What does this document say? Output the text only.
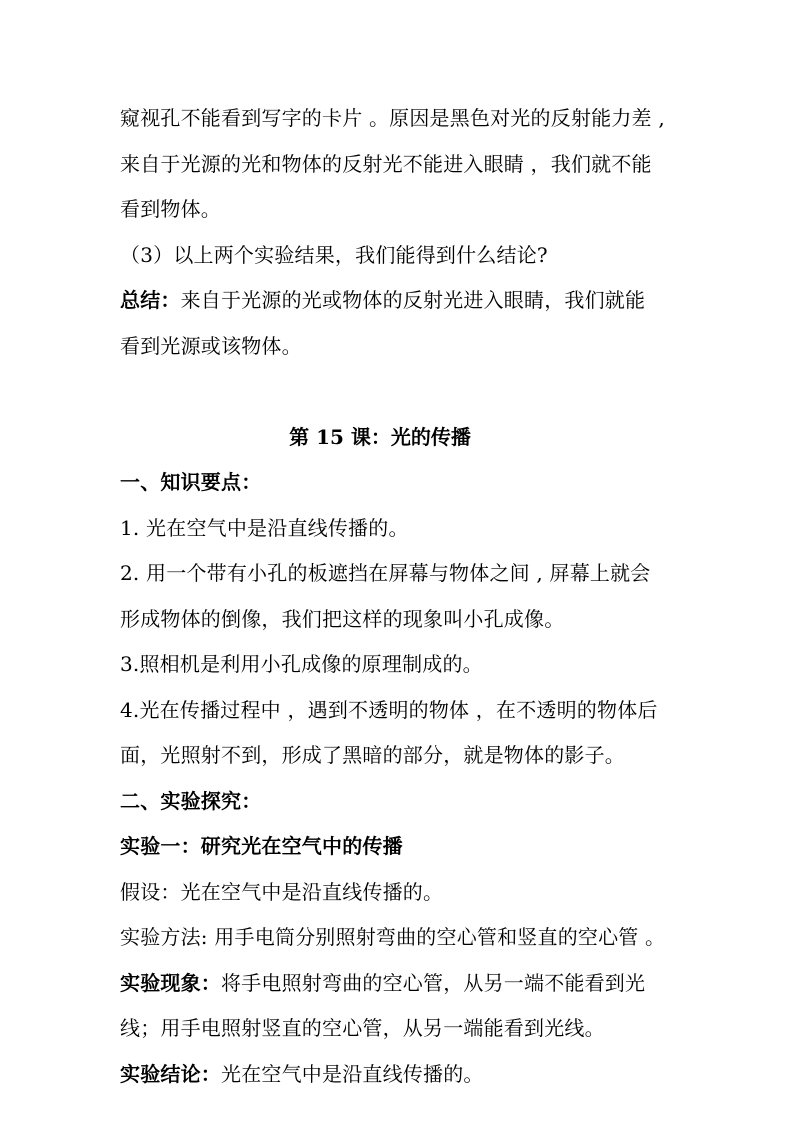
窥视孔不能看到写字的卡片 。原因是黑色对光的反射能力差 ,
来自于光源的光和物体的反射光不能进入眼睛 ，我们就不能
看到物体。
（3）以上两个实验结果，我们能得到什么结论?
总结：来自于光源的光或物体的反射光进入眼睛，我们就能
看到光源或该物体。
第 15 课：光的传播
一、知识要点：
1. 光在空气中是沿直线传播的。
2. 用一个带有小孔的板遮挡在屏幕与物体之间 , 屏幕上就会
形成物体的倒像，我们把这样的现象叫小孔成像。
3.照相机是利用小孔成像的原理制成的。
4.光在传播过程中 ，遇到不透明的物体 ，在不透明的物体后
面，光照射不到，形成了黑暗的部分，就是物体的影子。
二、实验探究：
实验一：研究光在空气中的传播
假设：光在空气中是沿直线传播的。
实验方法: 用手电筒分别照射弯曲的空心管和竖直的空心管 。
实验现象：将手电照射弯曲的空心管，从另一端不能看到光
线；用手电照射竖直的空心管，从另一端能看到光线。
实验结论：光在空气中是沿直线传播的。
